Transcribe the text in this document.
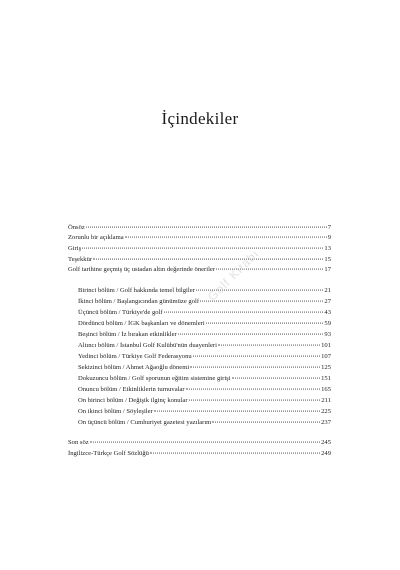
İçindekiler
Önsöz	7
Zorunlu bir açıklama	9
Giriş	13
Teşekkür	15
Golf tarihine geçmiş üç ustadan altın değerinde öneriler	17
Birinci bölüm / Golf hakkında temel bilgiler	21
İkinci bölüm / Başlangıcından günümüze golf	27
Üçüncü bölüm / Türkiye'de golf	43
Dördüncü bölüm / İGK başkanları ve dönemleri	59
Beşinci bölüm / İz bırakan etkinlikler	93
Altıncı bölüm / İstanbul Golf Kulübü'nün duayenleri	101
Yedinci bölüm / Türkiye Golf Federasyonu	107
Sekizinci bölüm / Ahmet Ağaoğlu dönemi	125
Dokuzuncu bölüm / Golf sporunun eğitim sistemine girişi	151
Onuncu bölüm / Etkinliklerin turnuvalar	165
On birinci bölüm / Değişik ilginç konular	211
On ikinci bölüm / Söyleşiler	225
On üçüncü bölüm / Cumhuriyet gazetesi yazılarım	237
Son söz	245
İngilizce-Türkçe Golf Sözlüğü	249
Golf Kitabı
